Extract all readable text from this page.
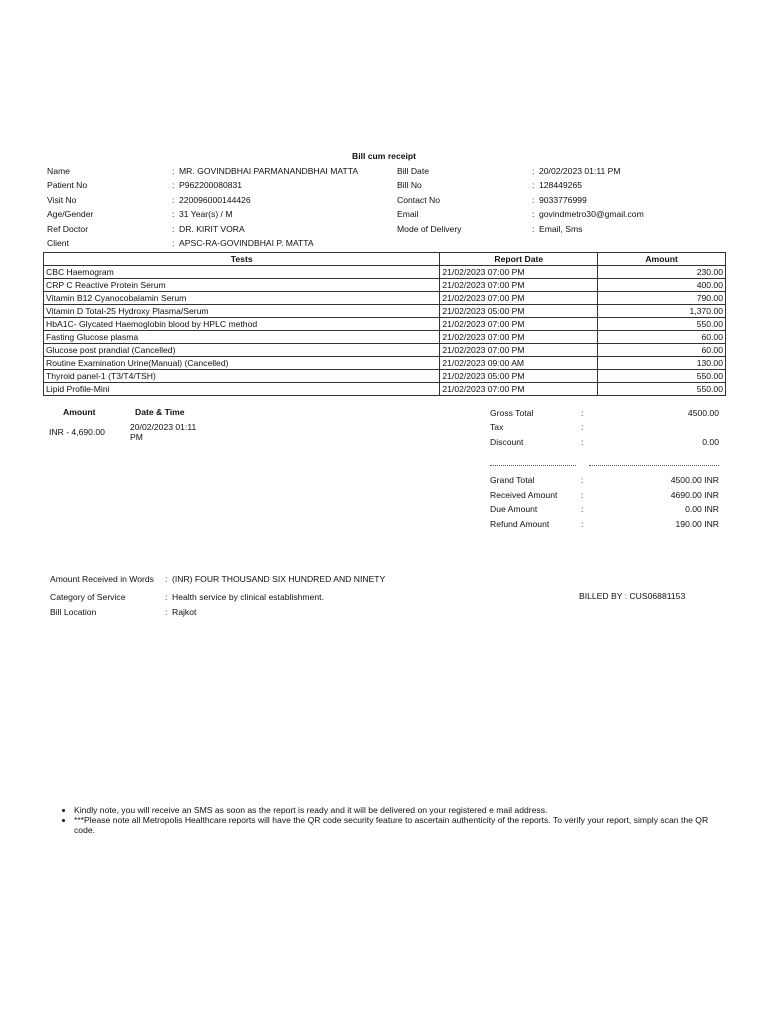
Bill cum receipt
Name	: MR. GOVINDBHAI PARMANANDBHAI MATTA
Patient No	: P962200080831
Visit No	: 220096000144426
Age/Gender	: 31 Year(s) / M
Ref Doctor	: DR. KIRIT VORA
Client	: APSC-RA-GOVINDBHAI P. MATTA
Bill Date	: 20/02/2023 01:11 PM
Bill No	: 128449265
Contact No	: 9033776999
Email	: govindmetro30@gmail.com
Mode of Delivery	: Email, Sms
Tests	Report Date	Amount
CBC Haemogram	21/02/2023 07:00 PM	230.00
CRP C Reactive Protein Serum	21/02/2023 07:00 PM	400.00
Vitamin B12 Cyanocobalamin Serum	21/02/2023 07:00 PM	790.00
Vitamin D Total-25 Hydroxy Plasma/Serum	21/02/2023 05:00 PM	1,370.00
HbA1C- Glycated Haemoglobin blood by HPLC method	21/02/2023 07:00 PM	550.00
Fasting Glucose plasma	21/02/2023 07:00 PM	60.00
Glucose post prandial (Cancelled)	21/02/2023 07:00 PM	60.00
Routine Examination Urine(Manual) (Cancelled)	21/02/2023 09:00 AM	130.00
Thyroid panel-1 (T3/T4/TSH)	21/02/2023 05:00 PM	550.00
Lipid Profile-Mini	21/02/2023 07:00 PM	550.00
Amount	Date & Time
INR - 4,690.00	20/02/2023 01:11
PM
Gross Total	:	4500.00
Tax	:
Discount	:	0.00
Grand Total	:	4500.00 INR
Received Amount	:	4690.00 INR
Due Amount	:	0.00 INR
Refund Amount	:	190.00 INR
Amount Received in Words : (INR) FOUR THOUSAND SIX HUNDRED AND NINETY
Category of Service	: Health service by clinical establishment.
Bill Location	: Rajkot
BILLED BY : CUS06881153
• Kindly note, you will receive an SMS as soon as the report is ready and it will be delivered on your registered e mail address.
• ***Please note all Metropolis Healthcare reports will have the QR code security feature to ascertain authenticity of the reports. To verify your report, simply scan the QR code.
